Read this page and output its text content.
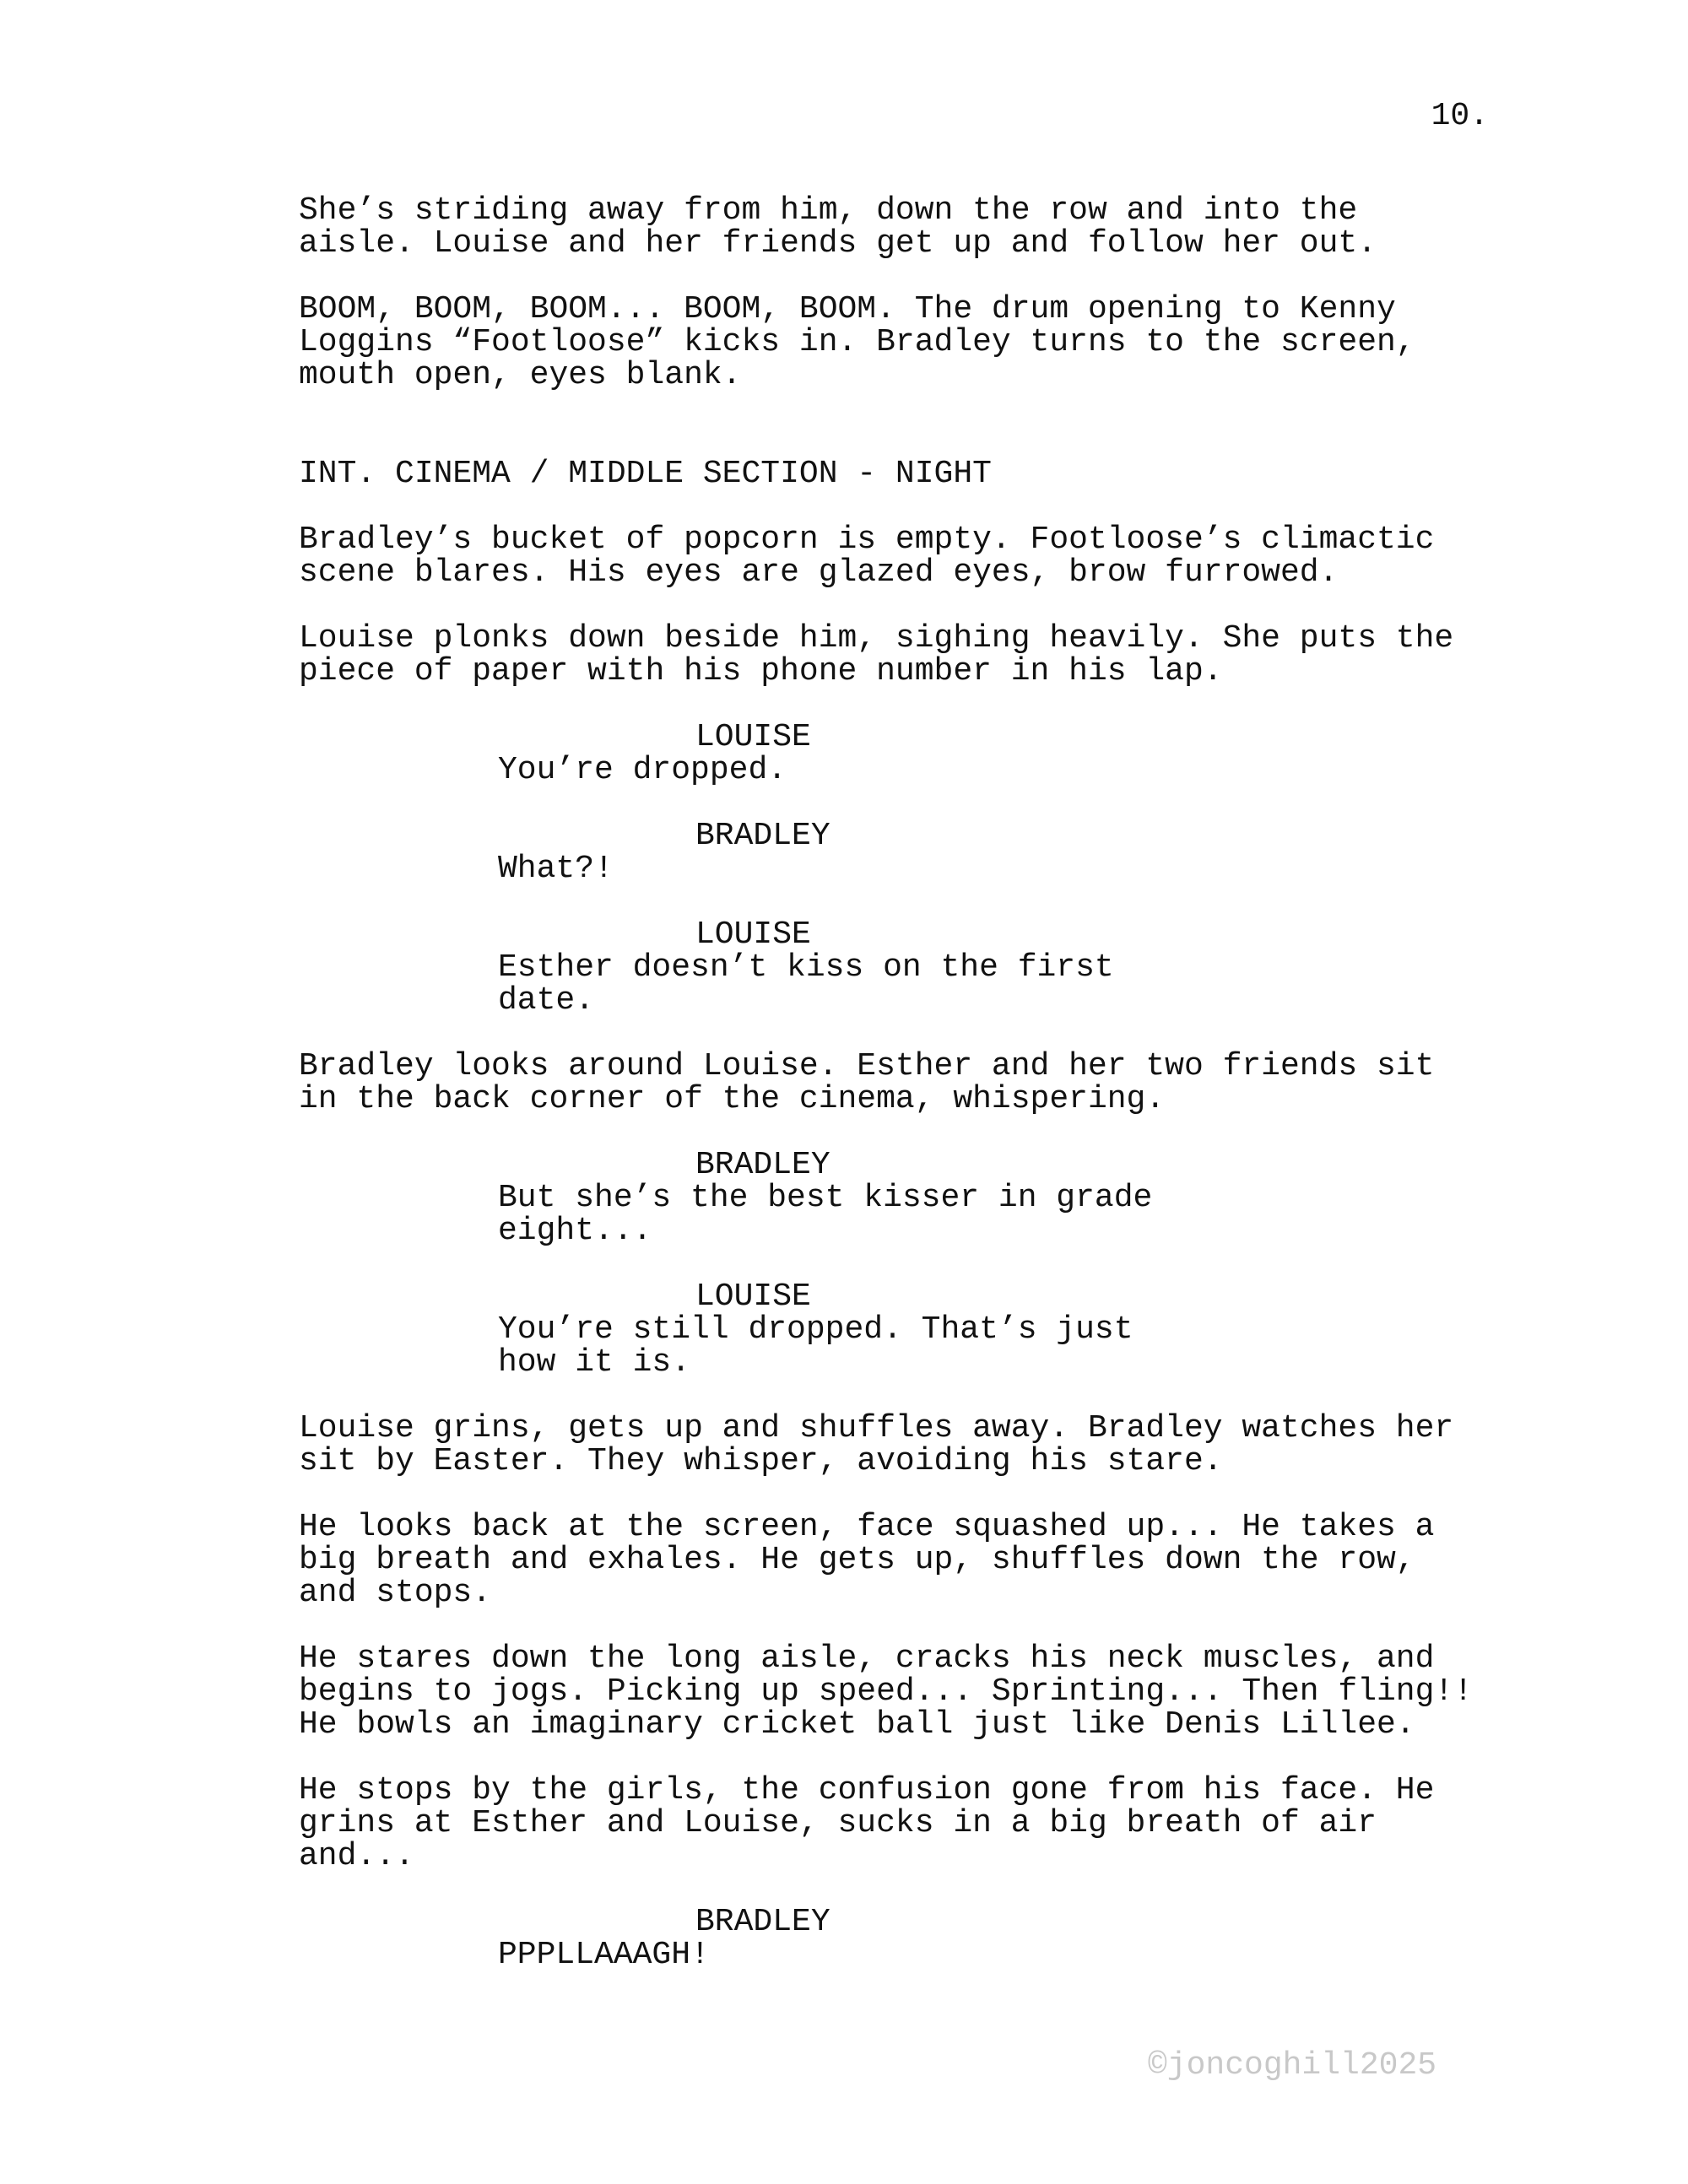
10.
She’s striding away from him, down the row and into the
aisle. Louise and her friends get up and follow her out.
BOOM, BOOM, BOOM... BOOM, BOOM. The drum opening to Kenny
Loggins “Footloose” kicks in. Bradley turns to the screen,
mouth open, eyes blank.
INT. CINEMA / MIDDLE SECTION - NIGHT
Bradley’s bucket of popcorn is empty. Footloose’s climactic
scene blares. His eyes are glazed eyes, brow furrowed.
Louise plonks down beside him, sighing heavily. She puts the
piece of paper with his phone number in his lap.
LOUISE
You’re dropped.
BRADLEY
What?!
LOUISE
Esther doesn’t kiss on the first
date.
Bradley looks around Louise. Esther and her two friends sit
in the back corner of the cinema, whispering.
BRADLEY
But she’s the best kisser in grade
eight...
LOUISE
You’re still dropped. That’s just
how it is.
Louise grins, gets up and shuffles away. Bradley watches her
sit by Easter. They whisper, avoiding his stare.
He looks back at the screen, face squashed up... He takes a
big breath and exhales. He gets up, shuffles down the row,
and stops.
He stares down the long aisle, cracks his neck muscles, and
begins to jogs. Picking up speed... Sprinting... Then fling!!
He bowls an imaginary cricket ball just like Denis Lillee.
He stops by the girls, the confusion gone from his face. He
grins at Esther and Louise, sucks in a big breath of air
and...
BRADLEY
PPPLLAAAGH!
©joncoghill2025
